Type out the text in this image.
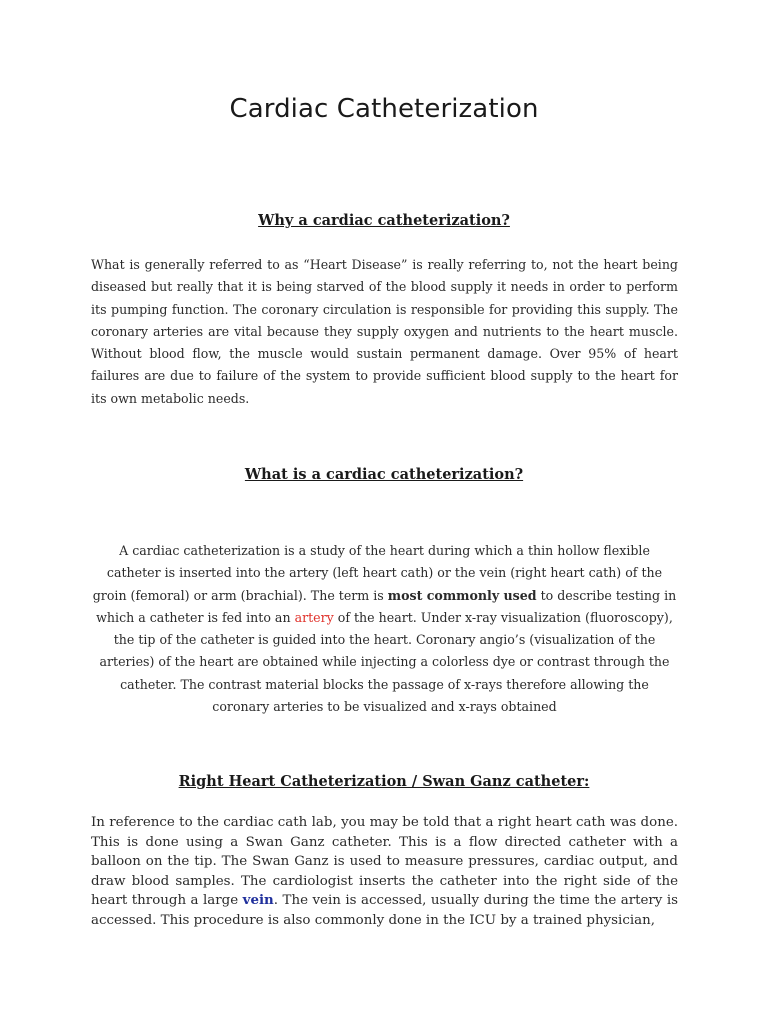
Cardiac Catheterization
Why a cardiac catheterization?

What is generally referred to as “Heart Disease” is really referring to, not the heart being diseased but really that it is being starved of the blood supply it needs in order to perform its pumping function. The coronary circulation is responsible for providing this supply. The coronary arteries are vital because they supply oxygen and nutrients to the heart muscle. Without blood flow, the muscle would sustain permanent damage. Over 95% of heart failures are due to failure of the system to provide sufficient blood supply to the heart for its own metabolic needs.

What is a cardiac catheterization?

A cardiac catheterization is a study of the heart during which a thin hollow flexible catheter is inserted into the artery (left heart cath) or the vein (right heart cath) of the groin (femoral) or arm (brachial). The term is most commonly used to describe testing in which a catheter is fed into an artery of the heart. Under x-ray visualization (fluoroscopy), the tip of the catheter is guided into the heart. Coronary angio’s (visualization of the arteries) of the heart are obtained while injecting a colorless dye or contrast through the catheter. The contrast material blocks the passage of x-rays therefore allowing the coronary arteries to be visualized and x-rays obtained

Right Heart Catheterization / Swan Ganz catheter:

In reference to the cardiac cath lab, you may be told that a right heart cath was done. This is done using a Swan Ganz catheter. This is a flow directed catheter with a balloon on the tip. The Swan Ganz is used to measure pressures, cardiac output, and draw blood samples. The cardiologist inserts the catheter into the right side of the heart through a large vein. The vein is accessed, usually during the time the artery is accessed. This procedure is also commonly done in the ICU by a trained physician,
